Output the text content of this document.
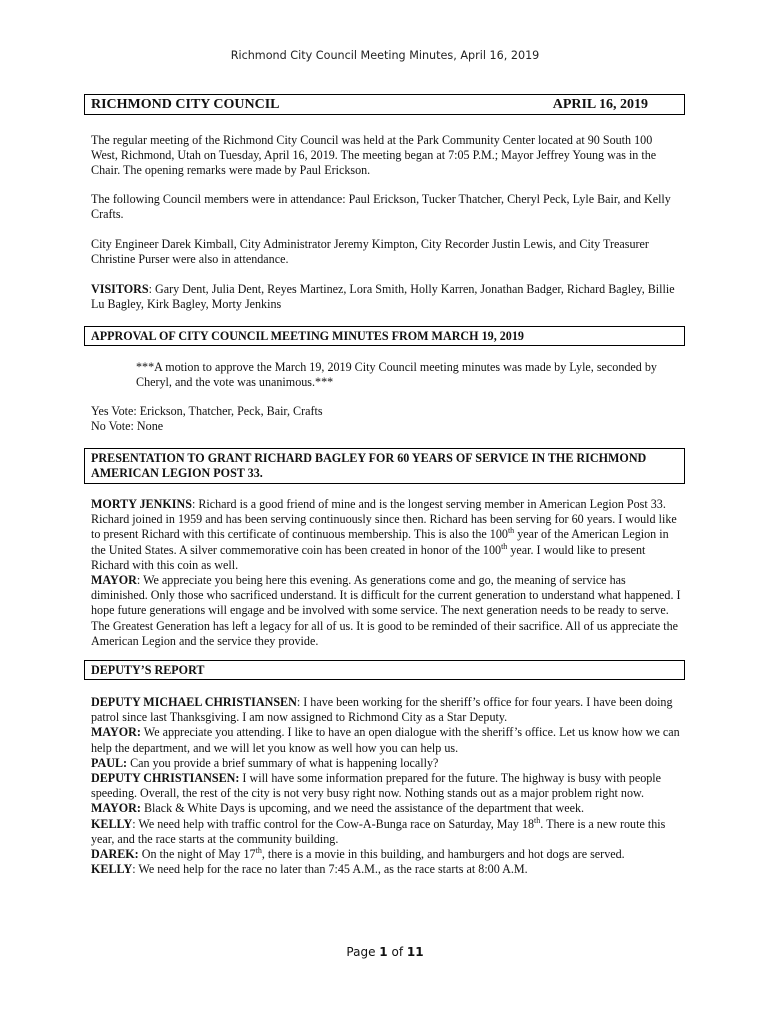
Richmond City Council Meeting Minutes, April 16, 2019
RICHMOND CITY COUNCIL	APRIL 16, 2019

The regular meeting of the Richmond City Council was held at the Park Community Center located at 90 South 100 West, Richmond, Utah on Tuesday, April 16, 2019. The meeting began at 7:05 P.M.; Mayor Jeffrey Young was in the Chair. The opening remarks were made by Paul Erickson.

The following Council members were in attendance: Paul Erickson, Tucker Thatcher, Cheryl Peck, Lyle Bair, and Kelly Crafts.

City Engineer Darek Kimball, City Administrator Jeremy Kimpton, City Recorder Justin Lewis, and City Treasurer Christine Purser were also in attendance.

VISITORS: Gary Dent, Julia Dent, Reyes Martinez, Lora Smith, Holly Karren, Jonathan Badger, Richard Bagley, Billie Lu Bagley, Kirk Bagley, Morty Jenkins

APPROVAL OF CITY COUNCIL MEETING MINUTES FROM MARCH 19, 2019

***A motion to approve the March 19, 2019 City Council meeting minutes was made by Lyle, seconded by Cheryl, and the vote was unanimous.***

Yes Vote: Erickson, Thatcher, Peck, Bair, Crafts

No Vote: None

PRESENTATION TO GRANT RICHARD BAGLEY FOR 60 YEARS OF SERVICE IN THE RICHMOND AMERICAN LEGION POST 33.

MORTY JENKINS: Richard is a good friend of mine and is the longest serving member in American Legion Post 33. Richard joined in 1959 and has been serving continuously since then. Richard has been serving for 60 years. I would like to present Richard with this certificate of continuous membership. This is also the 100th year of the American Legion in the United States. A silver commemorative coin has been created in honor of the 100th year. I would like to present Richard with this coin as well.
MAYOR: We appreciate you being here this evening. As generations come and go, the meaning of service has diminished. Only those who sacrificed understand. It is difficult for the current generation to understand what happened. I hope future generations will engage and be involved with some service. The next generation needs to be ready to serve. The Greatest Generation has left a legacy for all of us. It is good to be reminded of their sacrifice. All of us appreciate the American Legion and the service they provide.

DEPUTY’S REPORT

DEPUTY MICHAEL CHRISTIANSEN: I have been working for the sheriff’s office for four years. I have been doing patrol since last Thanksgiving. I am now assigned to Richmond City as a Star Deputy.
MAYOR: We appreciate you attending. I like to have an open dialogue with the sheriff’s office. Let us know how we can help the department, and we will let you know as well how you can help us.
PAUL: Can you provide a brief summary of what is happening locally?
DEPUTY CHRISTIANSEN: I will have some information prepared for the future. The highway is busy with people speeding. Overall, the rest of the city is not very busy right now. Nothing stands out as a major problem right now.
MAYOR: Black & White Days is upcoming, and we need the assistance of the department that week.
KELLY: We need help with traffic control for the Cow-A-Bunga race on Saturday, May 18th. There is a new route this year, and the race starts at the community building.
DAREK: On the night of May 17th, there is a movie in this building, and hamburgers and hot dogs are served.
KELLY: We need help for the race no later than 7:45 A.M., as the race starts at 8:00 A.M.

Page 1 of 11
